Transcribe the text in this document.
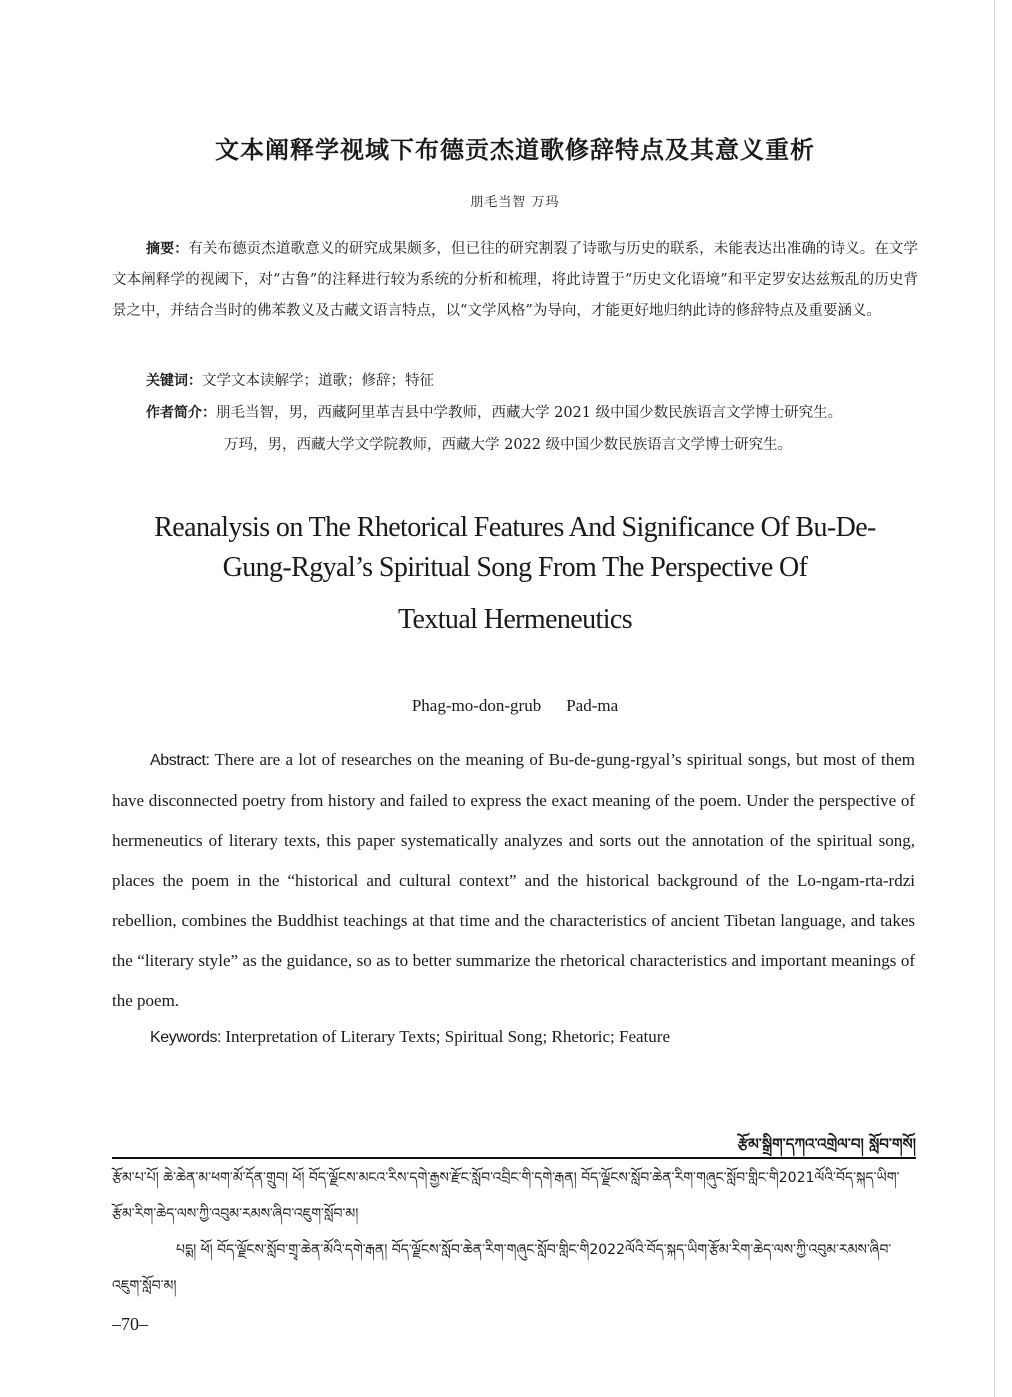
文本阐释学视域下布德贡杰道歌修辞特点及其意义重析
朋毛当智 万玛
摘要：有关布德贡杰道歌意义的研究成果颇多，但已往的研究割裂了诗歌与历史的联系，未能表达出准确的诗义。在文学文本阐释学的视阈下，对“古鲁”的注释进行较为系统的分析和梳理，将此诗置于“历史文化语境”和平定罗安达兹叛乱的历史背景之中，并结合当时的佛苯教义及古藏文语言特点，以“文学风格”为导向，才能更好地归纳此诗的修辞特点及重要涵义。
关键词：文学文本读解学；道歌；修辞；特征
作者简介：朋毛当智，男，西藏阿里革吉县中学教师，西藏大学 2021 级中国少数民族语言文学博士研究生。
万玛，男，西藏大学文学院教师，西藏大学 2022 级中国少数民族语言文学博士研究生。
Reanalysis on The Rhetorical Features And Significance Of Bu-De-
Gung-Rgyal’s Spiritual Song From The Perspective Of
Textual Hermeneutics
Phag-mo-don-grub    Pad-ma
Abstract: There are a lot of researches on the meaning of Bu-de-gung-rgyal’s spiritual songs, but most of them have disconnected poetry from history and failed to express the exact meaning of the poem. Under the perspective of hermeneutics of literary texts, this paper systematically analyzes and sorts out the annotation of the spiritual song, places the poem in the “historical and cultural context” and the historical background of the Lo-ngam-rta-rdzi rebellion, combines the Buddhist teachings at that time and the characteristics of ancient Tibetan language, and takes the “literary style” as the guidance, so as to better summarize the rhetorical characteristics and important meanings of the poem.
Keywords: Interpretation of Literary Texts; Spiritual Song; Rhetoric; Feature
རྩོམ་སྒྲིག་དཀའ་འགྲེལ་བ། སློབ་གསོ།
རྩོམ་པ་པོ། ཆེ་ཆེན་མ་ཕག་མོ་དོན་གྲུབ། ཕོ། བོད་ལྗོངས་མངའ་རིས་དགེ་རྒྱས་རྫོང་སློབ་འབྲིང་གི་དགེ་རྒན། བོད་ལྗོངས་སློབ་ཆེན་རིག་གཞུང་སློབ་གླིང་གི2021ལོའི་བོད་སྐད་ཡིག་རྩོམ་རིག་ཆེད་ལས་ཀྱི་འབུམ་རམས་ཞིབ་འཇུག་སློབ་མ།
པདྨ། ཕོ། བོད་ལྗོངས་སློབ་གྲྭ་ཆེན་མོའི་དགེ་རྒན། བོད་ལྗོངས་སློབ་ཆེན་རིག་གཞུང་སློབ་གླིང་གི2022ལོའི་བོད་སྐད་ཡིག་རྩོམ་རིག་ཆེད་ལས་ཀྱི་འབུམ་རམས་ཞིབ་འཇུག་སློབ་མ།
–70–
